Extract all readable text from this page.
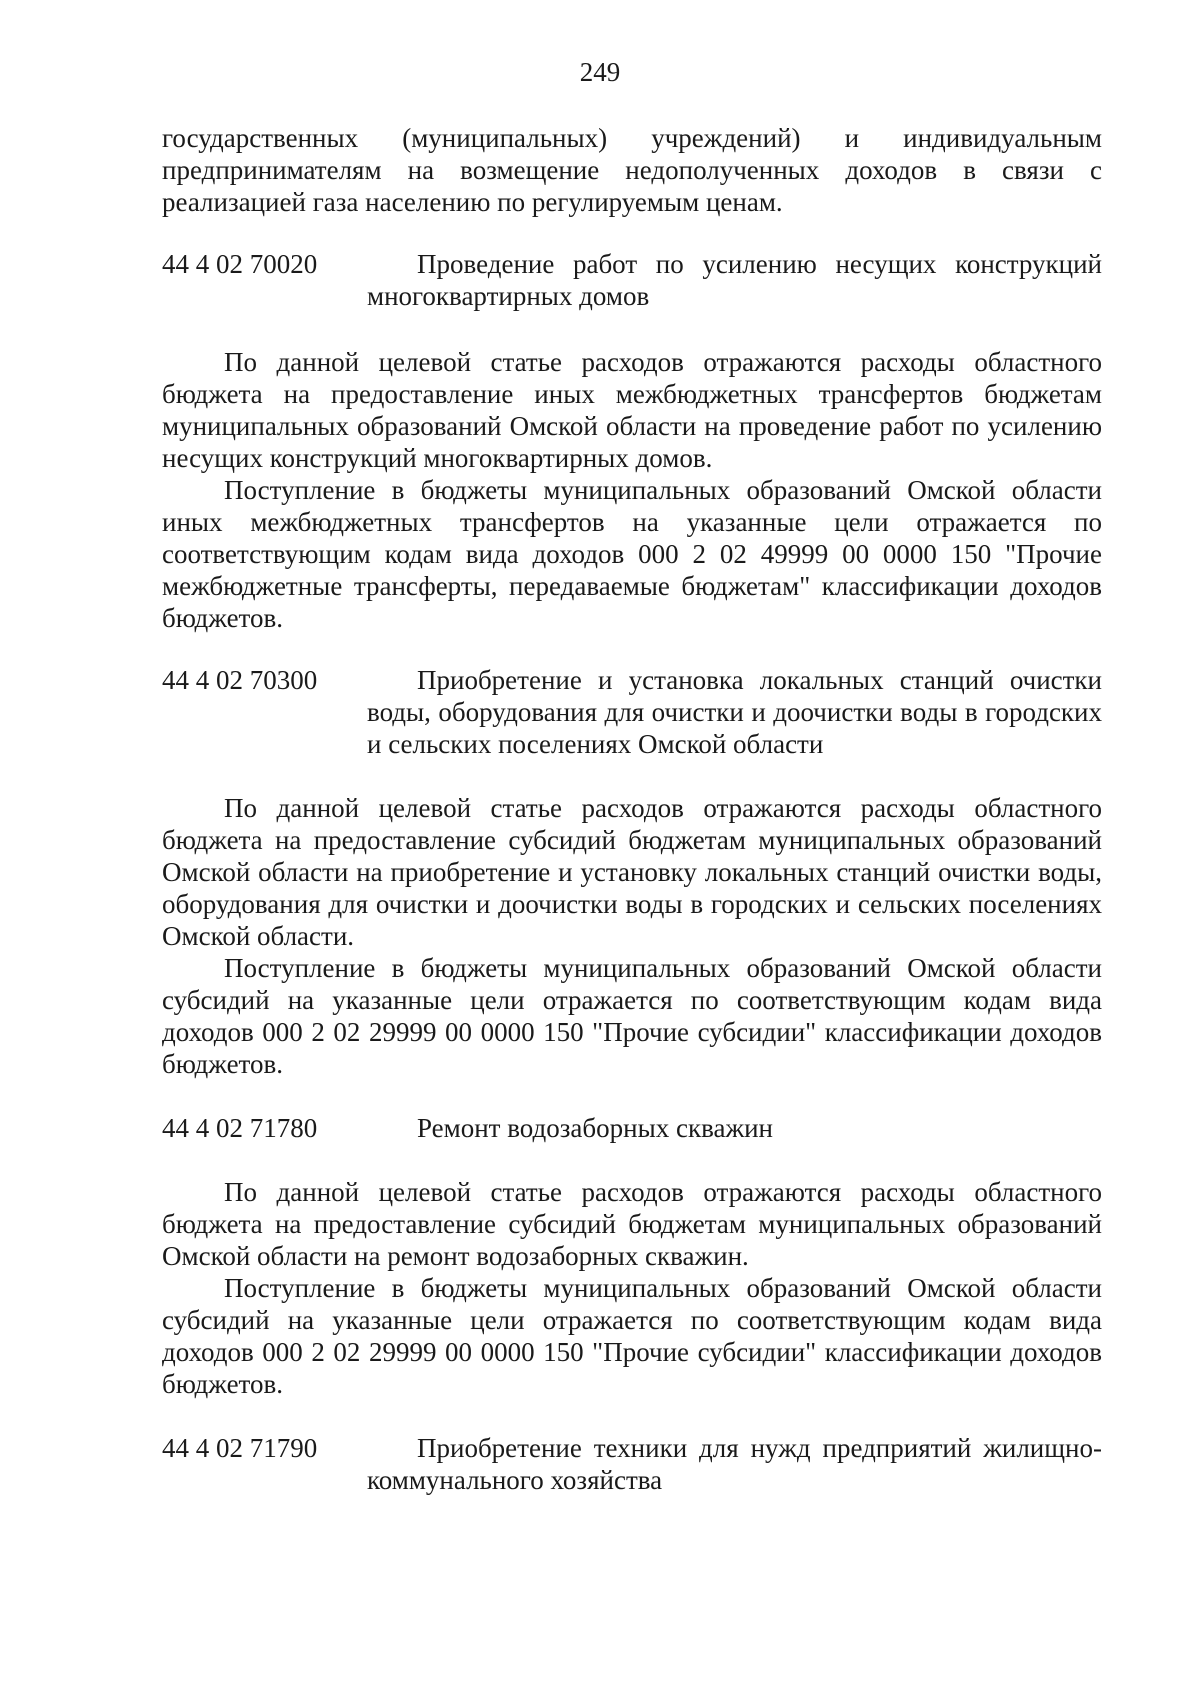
249

государственных (муниципальных) учреждений) и индивидуальным предпринимателям на возмещение недополученных доходов в связи с реализацией газа населению по регулируемым ценам.

44 4 02 70020	Проведение работ по усилению несущих конструкций многоквартирных домов

По данной целевой статье расходов отражаются расходы областного бюджета на предоставление иных межбюджетных трансфертов бюджетам муниципальных образований Омской области на проведение работ по усилению несущих конструкций многоквартирных домов.

Поступление в бюджеты муниципальных образований Омской области иных межбюджетных трансфертов на указанные цели отражается по соответствующим кодам вида доходов 000 2 02 49999 00 0000 150 "Прочие межбюджетные трансферты, передаваемые бюджетам" классификации доходов бюджетов.

44 4 02 70300	Приобретение и установка локальных станций очистки воды, оборудования для очистки и доочистки воды в городских и сельских поселениях Омской области

По данной целевой статье расходов отражаются расходы областного бюджета на предоставление субсидий бюджетам муниципальных образований Омской области на приобретение и установку локальных станций очистки воды, оборудования для очистки и доочистки воды в городских и сельских поселениях Омской области.

Поступление в бюджеты муниципальных образований Омской области субсидий на указанные цели отражается по соответствующим кодам вида доходов 000 2 02 29999 00 0000 150 "Прочие субсидии" классификации доходов бюджетов.

44 4 02 71780	Ремонт водозаборных скважин

По данной целевой статье расходов отражаются расходы областного бюджета на предоставление субсидий бюджетам муниципальных образований Омской области на ремонт водозаборных скважин.

Поступление в бюджеты муниципальных образований Омской области субсидий на указанные цели отражается по соответствующим кодам вида доходов 000 2 02 29999 00 0000 150 "Прочие субсидии" классификации доходов бюджетов.

44 4 02 71790	Приобретение техники для нужд предприятий жилищно-коммунального хозяйства
